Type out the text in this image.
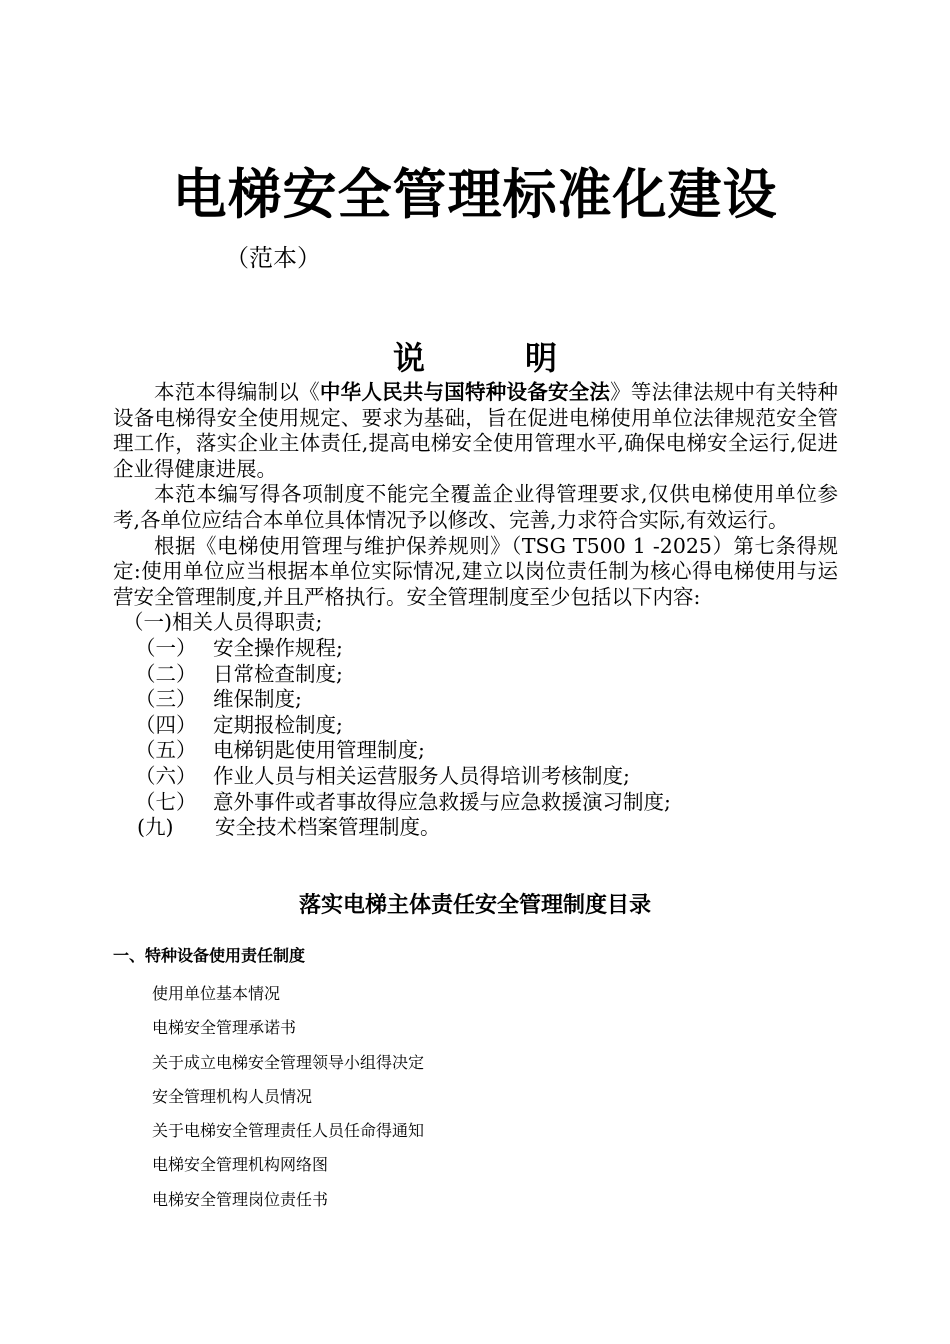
电梯安全管理标准化建设
（范本）
说	明

本范本得编制以《中华人民共与国特种设备安全法》等法律法规中有关特种设备电梯得安全使用规定、要求为基础，旨在促进电梯使用单位法律规范安全管理工作，落实企业主体责任,提高电梯安全使用管理水平,确保电梯安全运行,促进企业得健康进展。

本范本编写得各项制度不能完全覆盖企业得管理要求,仅供电梯使用单位参考,各单位应结合本单位具体情况予以修改、完善,力求符合实际,有效运行。

根据《电梯使用管理与维护保养规则》（TSG T500 1 -2025）第七条得规定:使用单位应当根据本单位实际情况,建立以岗位责任制为核心得电梯使用与运营安全管理制度,并且严格执行。安全管理制度至少包括以下内容:

（一)相关人员得职责;
（一） 安全操作规程;
（二） 日常检查制度;
（三） 维保制度;
（四） 定期报检制度;
（五） 电梯钥匙使用管理制度;
（六） 作业人员与相关运营服务人员得培训考核制度;
（七） 意外事件或者事故得应急救援与应急救援演习制度;
(九) 安全技术档案管理制度。
落实电梯主体责任安全管理制度目录
一、特种设备使用责任制度
使用单位基本情况
电梯安全管理承诺书
关于成立电梯安全管理领导小组得决定
安全管理机构人员情况
关于电梯安全管理责任人员任命得通知
电梯安全管理机构网络图
电梯安全管理岗位责任书
